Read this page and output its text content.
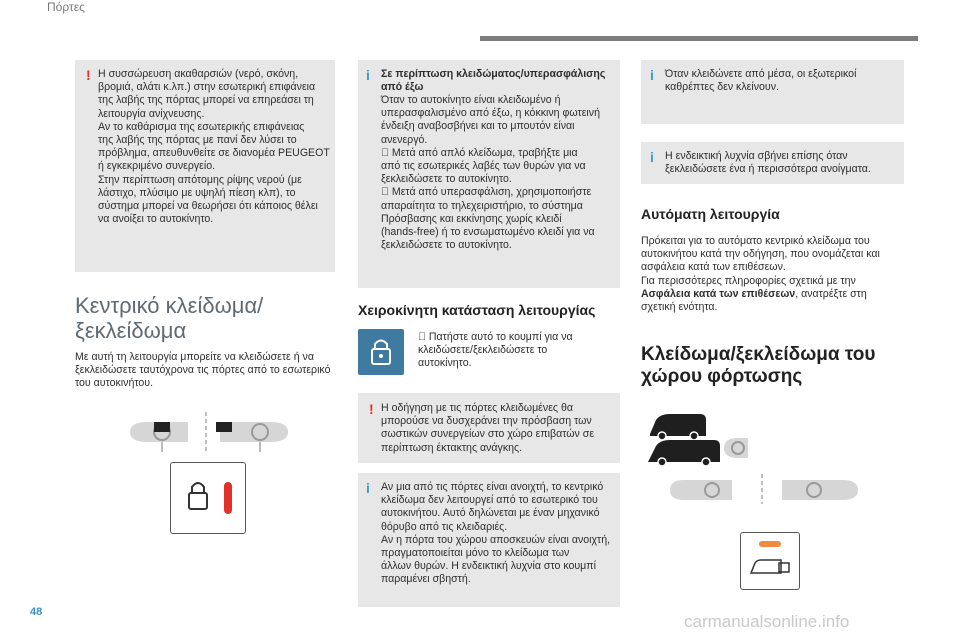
Πόρτες
! Η συσσώρευση ακαθαρσιών (νερό, σκόνη,
βρομιά, αλάτι κ.λπ.) στην εσωτερική επιφάνεια
της λαβής της πόρτας μπορεί να επηρεάσει τη
λειτουργία ανίχνευσης.
Αν το καθάρισμα της εσωτερικής επιφάνειας
της λαβής της πόρτας με πανί δεν λύσει το
πρόβλημα, απευθυνθείτε σε διανομέα PEUGEOT
ή εγκεκριμένο συνεργείο.
Στην περίπτωση απότομης ρίψης νερού (με
λάστιχο, πλύσιμο με υψηλή πίεση κλπ), το
σύστημα μπορεί να θεωρήσει ότι κάποιος θέλει
να ανοίξει το αυτοκίνητο.
Κεντρικό κλείδωμα/
ξεκλείδωμα
Με αυτή τη λειτουργία μπορείτε να κλειδώσετε ή να
ξεκλειδώσετε ταυτόχρονα τις πόρτες από το εσωτερικό
του αυτοκινήτου.
i Σε περίπτωση κλειδώματος/υπερασφάλισης
από έξω
Όταν το αυτοκίνητο είναι κλειδωμένο ή
υπερασφαλισμένο από έξω, η κόκκινη φωτεινή
ένδειξη αναβοσβήνει και το μπουτόν είναι
ανενεργό.
Μετά από απλό κλείδωμα, τραβήξτε μια
από τις εσωτερικές λαβές των θυρών για να
ξεκλειδώσετε το αυτοκίνητο.
Μετά από υπερασφάλιση, χρησιμοποιήστε
απαραίτητα το τηλεχειριστήριο, το σύστημα
Πρόσβασης και εκκίνησης χωρίς κλειδί
(hands-free) ή το ενσωματωμένο κλειδί για να
ξεκλειδώσετε το αυτοκίνητο.
Χειροκίνητη κατάσταση λειτουργίας
Πατήστε αυτό το κουμπί για να
κλειδώσετε/ξεκλειδώσετε το
αυτοκίνητο.
! Η οδήγηση με τις πόρτες κλειδωμένες θα
μπορούσε να δυσχεράνει την πρόσβαση των
σωστικών συνεργείων στο χώρο επιβατών σε
περίπτωση έκτακτης ανάγκης.
i Αν μια από τις πόρτες είναι ανοιχτή, το κεντρικό
κλείδωμα δεν λειτουργεί από το εσωτερικό του
αυτοκινήτου. Αυτό δηλώνεται με έναν μηχανικό
θόρυβο από τις κλειδαριές.
Αν η πόρτα του χώρου αποσκευών είναι ανοιχτή,
πραγματοποιείται μόνο το κλείδωμα των
άλλων θυρών. Η ενδεικτική λυχνία στο κουμπί
παραμένει σβηστή.
i Όταν κλειδώνετε από μέσα, οι εξωτερικοί
καθρέπτες δεν κλείνουν.
i Η ενδεικτική λυχνία σβήνει επίσης όταν
ξεκλειδώσετε ένα ή περισσότερα ανοίγματα.
Αυτόματη λειτουργία
Πρόκειται για το αυτόματο κεντρικό κλείδωμα του
αυτοκινήτου κατά την οδήγηση, που ονομάζεται και
ασφάλεια κατά των επιθέσεων.
Για περισσότερες πληροφορίες σχετικά με την
Ασφάλεια κατά των επιθέσεων, ανατρέξτε στη
σχετική ενότητα.
Κλείδωμα/ξεκλείδωμα του
χώρου φόρτωσης
48	carmanualsonline.info
